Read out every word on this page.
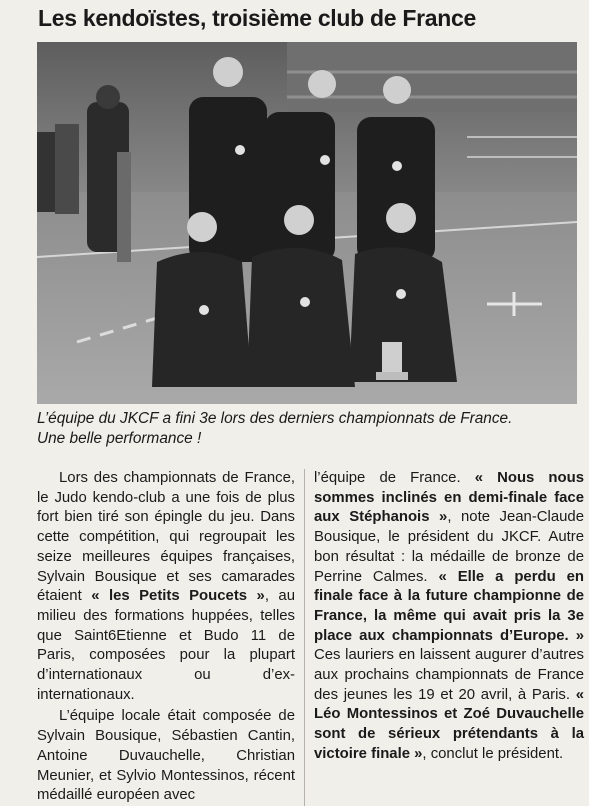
Les kendoïstes, troisième club de France
L’équipe du JKCF a fini 3e lors des derniers championnats de France.
Une belle performance !

Lors des championnats de France, le Judo kendo-club a une fois de plus fort bien tiré son épingle du jeu. Dans cette compétition, qui regroupait les seize meilleures équipes françaises, Sylvain Bousique et ses camarades étaient « les Petits Poucets », au milieu des formations huppées, telles que Saint6Etienne et Budo 11 de Paris, composées pour la plupart d’internationaux ou d’ex-internationaux.

L’équipe locale était composée de Sylvain Bousique, Sébastien Cantin, Antoine Duvauchelle, Christian Meunier, et Sylvio Montessinos, récent médaillé européen avec

l’équipe de France. « Nous nous sommes inclinés en demi-finale face aux Stéphanois », note Jean-Claude Bousique, le président du JKCF. Autre bon résultat : la médaille de bronze de Perrine Calmes. « Elle a perdu en finale face à la future championne de France, la même qui avait pris la 3e place aux championnats d’Europe. » Ces lauriers en laissent augurer d’autres aux prochains championnats de France des jeunes les 19 et 20 avril, à Paris. « Léo Montessinos et Zoé Duvauchelle sont de sérieux prétendants à la victoire finale », conclut le président.
